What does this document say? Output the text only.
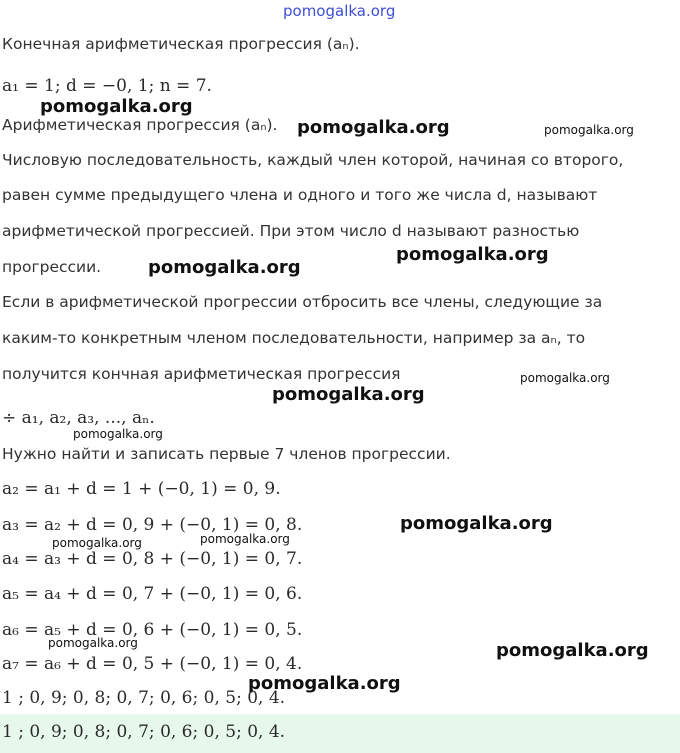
pomogalka.org
Конечная арифметическая прогрессия (aₙ).
a₁ = 1; d = −0, 1; n = 7.
Арифметическая прогрессия (aₙ).
Числовую последовательность, каждый член которой, начиная со второго,
равен сумме предыдущего члена и одного и того же числа d, называют
арифметической прогрессией. При этом число d называют разностью
прогрессии.
Если в арифметической прогрессии отбросить все члены, следующие за
каким-то конкретным членом последовательности, например за aₙ, то
получится кончная арифметическая прогрессия
÷ a₁, a₂, a₃, ..., aₙ.
Нужно найти и записать первые 7 членов прогрессии.
a₂ = a₁ + d = 1 + (−0, 1) = 0, 9.
a₃ = a₂ + d = 0, 9 + (−0, 1) = 0, 8.
a₄ = a₃ + d = 0, 8 + (−0, 1) = 0, 7.
a₅ = a₄ + d = 0, 7 + (−0, 1) = 0, 6.
a₆ = a₅ + d = 0, 6 + (−0, 1) = 0, 5.
a₇ = a₆ + d = 0, 5 + (−0, 1) = 0, 4.
1 ; 0, 9; 0, 8; 0, 7; 0, 6; 0, 5; 0, 4.
1 ; 0, 9; 0, 8; 0, 7; 0, 6; 0, 5; 0, 4.
pomogalka.org
pomogalka.org	pomogalka.org
pomogalka.org
pomogalka.org
pomogalka.org
pomogalka.org
pomogalka.org
pomogalka.org
pomogalka.org	pomogalka.org
pomogalka.org	pomogalka.org
pomogalka.org
